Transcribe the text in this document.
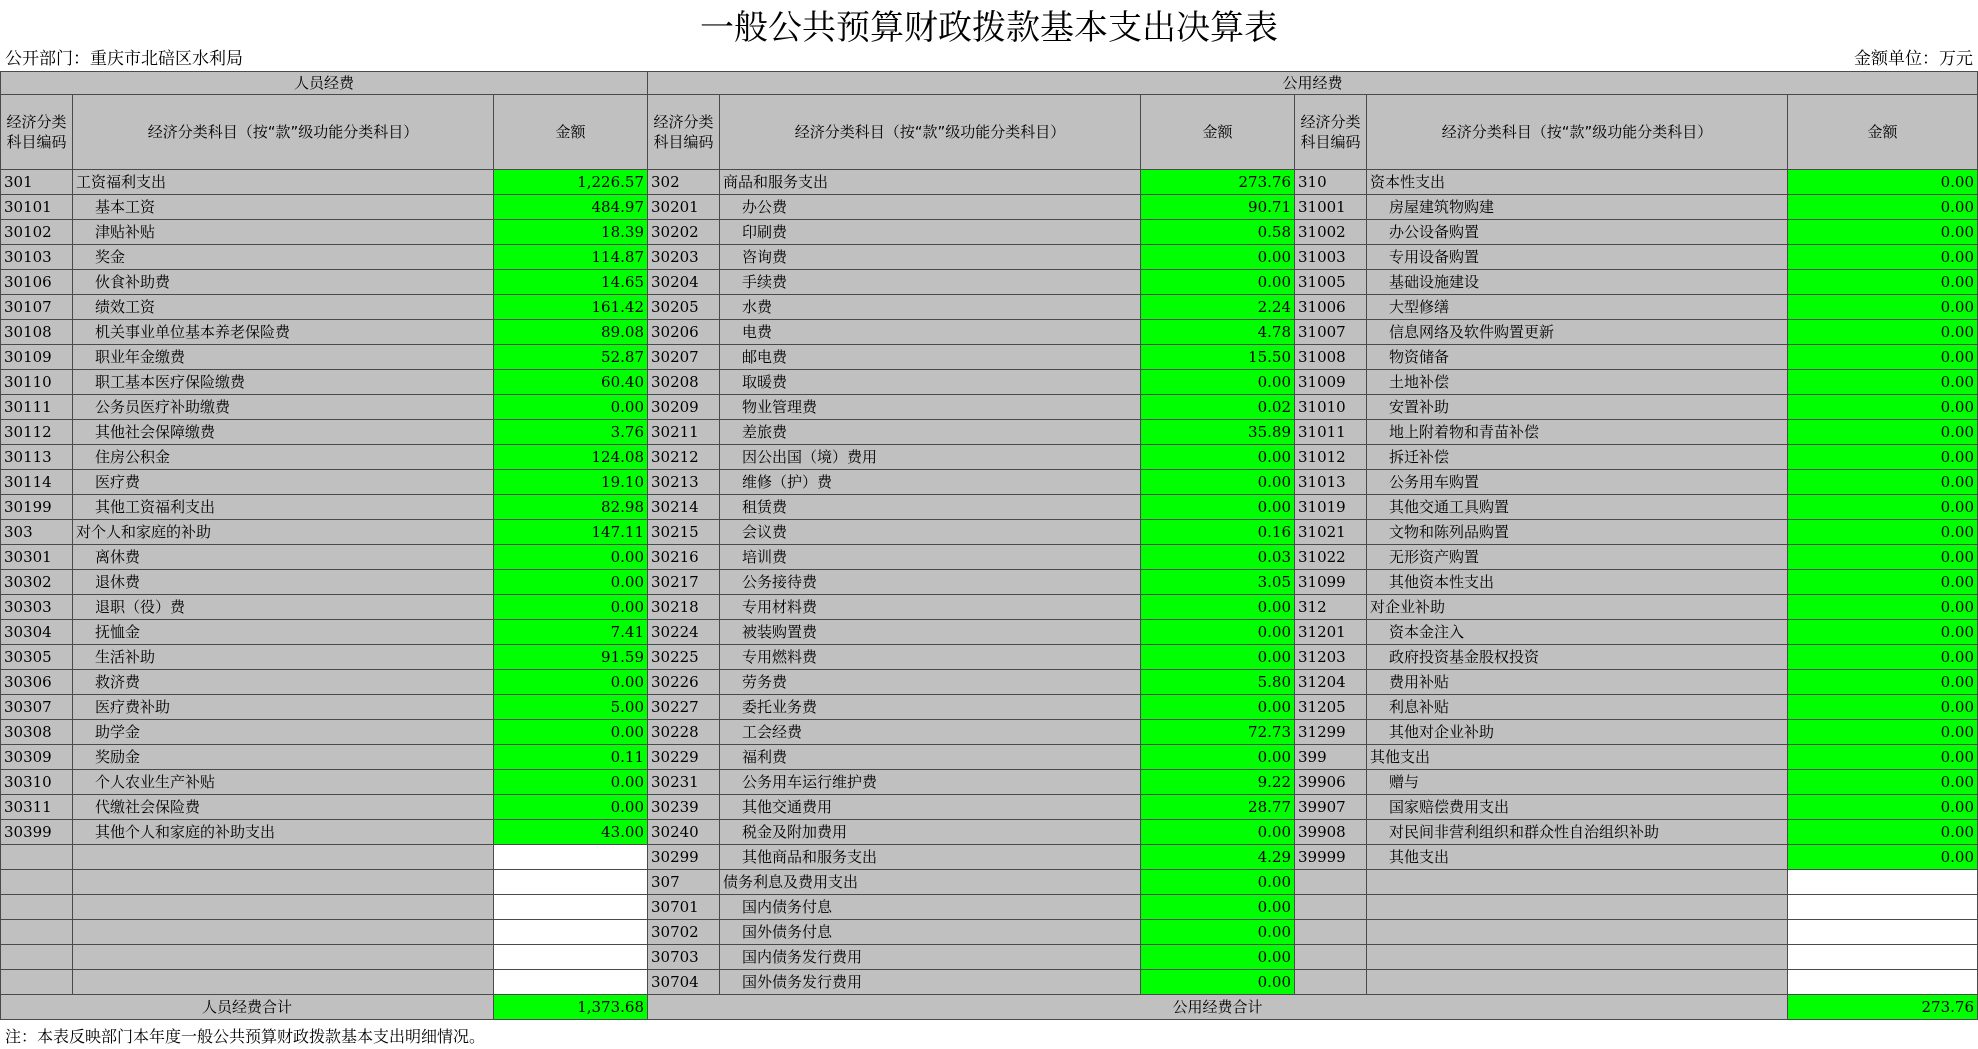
一般公共预算财政拨款基本支出决算表
公开部门：重庆市北碚区水利局	金额单位：万元
人员经费			公用经费					
经济分类科目编码	经济分类科目（按“款”级功能分类科目）	金额	经济分类科目编码	经济分类科目（按“款”级功能分类科目）	金额	经济分类科目编码	经济分类科目（按“款”级功能分类科目）	金额
301	工资福利支出	1,226.57	302	商品和服务支出	273.76	310	资本性支出	0.00
30101	基本工资	484.97	30201	办公费	90.71	31001	房屋建筑物购建	0.00
30102	津贴补贴	18.39	30202	印刷费	0.58	31002	办公设备购置	0.00
30103	奖金	114.87	30203	咨询费	0.00	31003	专用设备购置	0.00
30106	伙食补助费	14.65	30204	手续费	0.00	31005	基础设施建设	0.00
30107	绩效工资	161.42	30205	水费	2.24	31006	大型修缮	0.00
30108	机关事业单位基本养老保险费	89.08	30206	电费	4.78	31007	信息网络及软件购置更新	0.00
30109	职业年金缴费	52.87	30207	邮电费	15.50	31008	物资储备	0.00
30110	职工基本医疗保险缴费	60.40	30208	取暖费	0.00	31009	土地补偿	0.00
30111	公务员医疗补助缴费	0.00	30209	物业管理费	0.02	31010	安置补助	0.00
30112	其他社会保障缴费	3.76	30211	差旅费	35.89	31011	地上附着物和青苗补偿	0.00
30113	住房公积金	124.08	30212	因公出国（境）费用	0.00	31012	拆迁补偿	0.00
30114	医疗费	19.10	30213	维修（护）费	0.00	31013	公务用车购置	0.00
30199	其他工资福利支出	82.98	30214	租赁费	0.00	31019	其他交通工具购置	0.00
303	对个人和家庭的补助	147.11	30215	会议费	0.16	31021	文物和陈列品购置	0.00
30301	离休费	0.00	30216	培训费	0.03	31022	无形资产购置	0.00
30302	退休费	0.00	30217	公务接待费	3.05	31099	其他资本性支出	0.00
30303	退职（役）费	0.00	30218	专用材料费	0.00	312	对企业补助	0.00
30304	抚恤金	7.41	30224	被装购置费	0.00	31201	资本金注入	0.00
30305	生活补助	91.59	30225	专用燃料费	0.00	31203	政府投资基金股权投资	0.00
30306	救济费	0.00	30226	劳务费	5.80	31204	费用补贴	0.00
30307	医疗费补助	5.00	30227	委托业务费	0.00	31205	利息补贴	0.00
30308	助学金	0.00	30228	工会经费	72.73	31299	其他对企业补助	0.00
30309	奖励金	0.11	30229	福利费	0.00	399	其他支出	0.00
30310	个人农业生产补贴	0.00	30231	公务用车运行维护费	9.22	39906	赠与	0.00
30311	代缴社会保险费	0.00	30239	其他交通费用	28.77	39907	国家赔偿费用支出	0.00
30399	其他个人和家庭的补助支出	43.00	30240	税金及附加费用	0.00	39908	对民间非营利组织和群众性自治组织补助	0.00
			30299	其他商品和服务支出	4.29	39999	其他支出	0.00
			307	债务利息及费用支出	0.00			
			30701	国内债务付息	0.00			
			30702	国外债务付息	0.00			
			30703	国内债务发行费用	0.00			
			30704	国外债务发行费用	0.00			
人员经费合计		1,373.68	公用经费合计					273.76
注：本表反映部门本年度一般公共预算财政拨款基本支出明细情况。
